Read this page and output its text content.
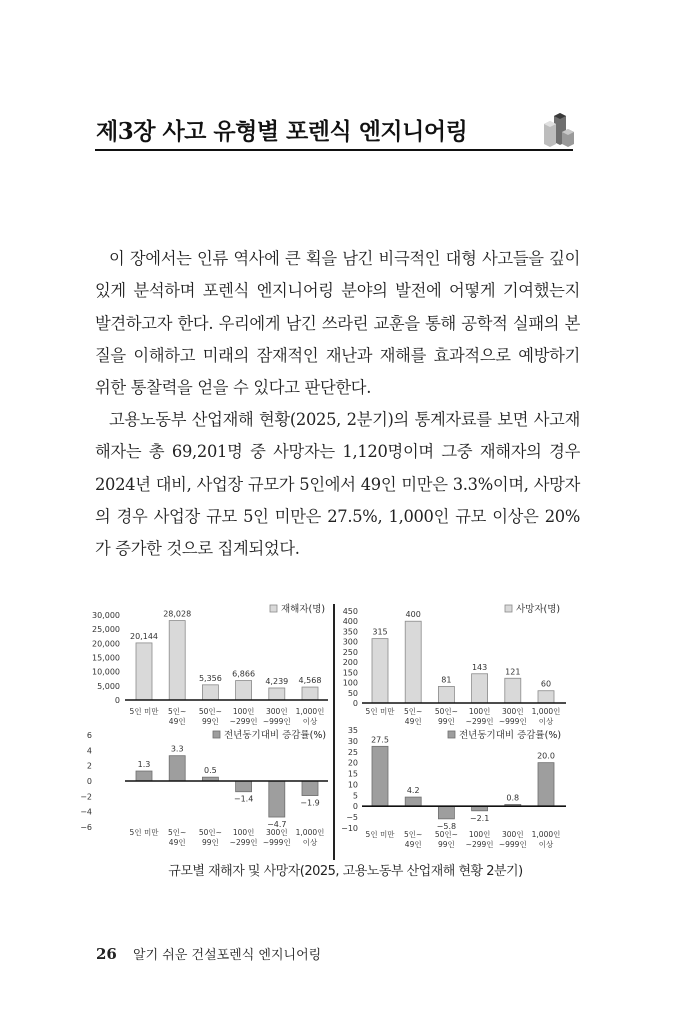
제3장 사고 유형별 포렌식 엔지니어링

이 장에서는 인류 역사에 큰 획을 남긴 비극적인 대형 사고들을 깊이 있게 분석하며 포렌식 엔지니어링 분야의 발전에 어떻게 기여했는지 발견하고자 한다. 우리에게 남긴 쓰라린 교훈을 통해 공학적 실패의 본질을 이해하고 미래의 잠재적인 재난과 재해를 효과적으로 예방하기 위한 통찰력을 얻을 수 있다고 판단한다.

고용노동부 산업재해 현황(2025, 2분기)의 통계자료를 보면 사고재해자는 총 69,201명 중 사망자는 1,120명이며 그중 재해자의 경우 2024년 대비, 사업장 규모가 5인에서 49인 미만은 3.3%이며, 사망자의 경우 사업장 규모 5인 미만은 27.5%, 1,000인 규모 이상은 20%가 증가한 것으로 집계되었다.

30,000
25,000
20,000
15,000
10,000
5,000
0
20,144
5인 미만
28,028
5인~
49인
5,356
50인~
99인
6,866
100인
~299인
4,239
300인
~999인
4,568
1,000인
이상
재해자(명) 450
400
350
300
250
200
150
100
50
0
315
5인 미만
400
5인~
49인
81
50인~
99인
143
100인
~299인
121
300인
~999인
60
1,000인
이상
사망자(명)
6
4
2
0
−2
−4
−6
1.3
5인 미만
3.3
5인~
49인
0.5
50인~
99인
−1.4
100인
~299인
−4.7
300인
~999인
−1.9
1,000인
이상
전년동기대비 증감률(%)	35
30
25
20
15
10
5
0
−5
−10
27.5
5인 미만
4.2
5인~
49인
−5.8
50인~
99인
−2.1
100인
~299인
0.8
300인
~999인
20.0
1,000인
이상
전년동기대비 증감률(%)
규모별 재해자 및 사망자(2025, 고용노동부 산업재해 현황 2분기)
26 알기 쉬운 건설포렌식 엔지니어링
